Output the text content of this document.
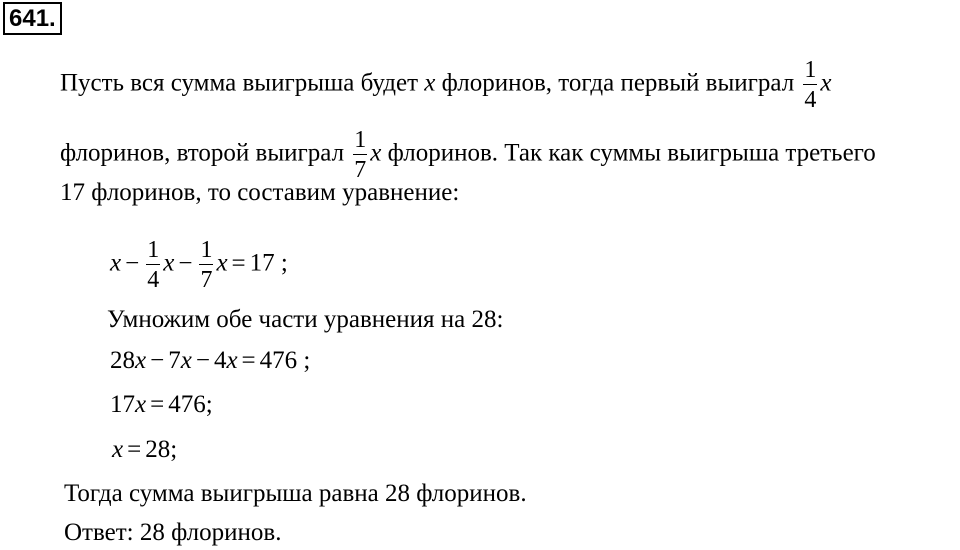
641.
Пусть вся сумма выигрыша будет x флоринов, тогда первый выиграл $\frac{1}{4}$ x
флоринов, второй выиграл $\frac{1}{7}$ x флоринов. Так как суммы выигрыша третьего
17 флоринов, то составим уравнение:
$x - \frac{1}{4}$ $x - \frac{1}{7}$ x = 17 ;
Умножим обе части уравнения на 28:
28x − 7x − 4x = 476 ;
17x = 476;
x = 28;
Тогда сумма выигрыша равна 28 флоринов.
Ответ: 28 флоринов.
